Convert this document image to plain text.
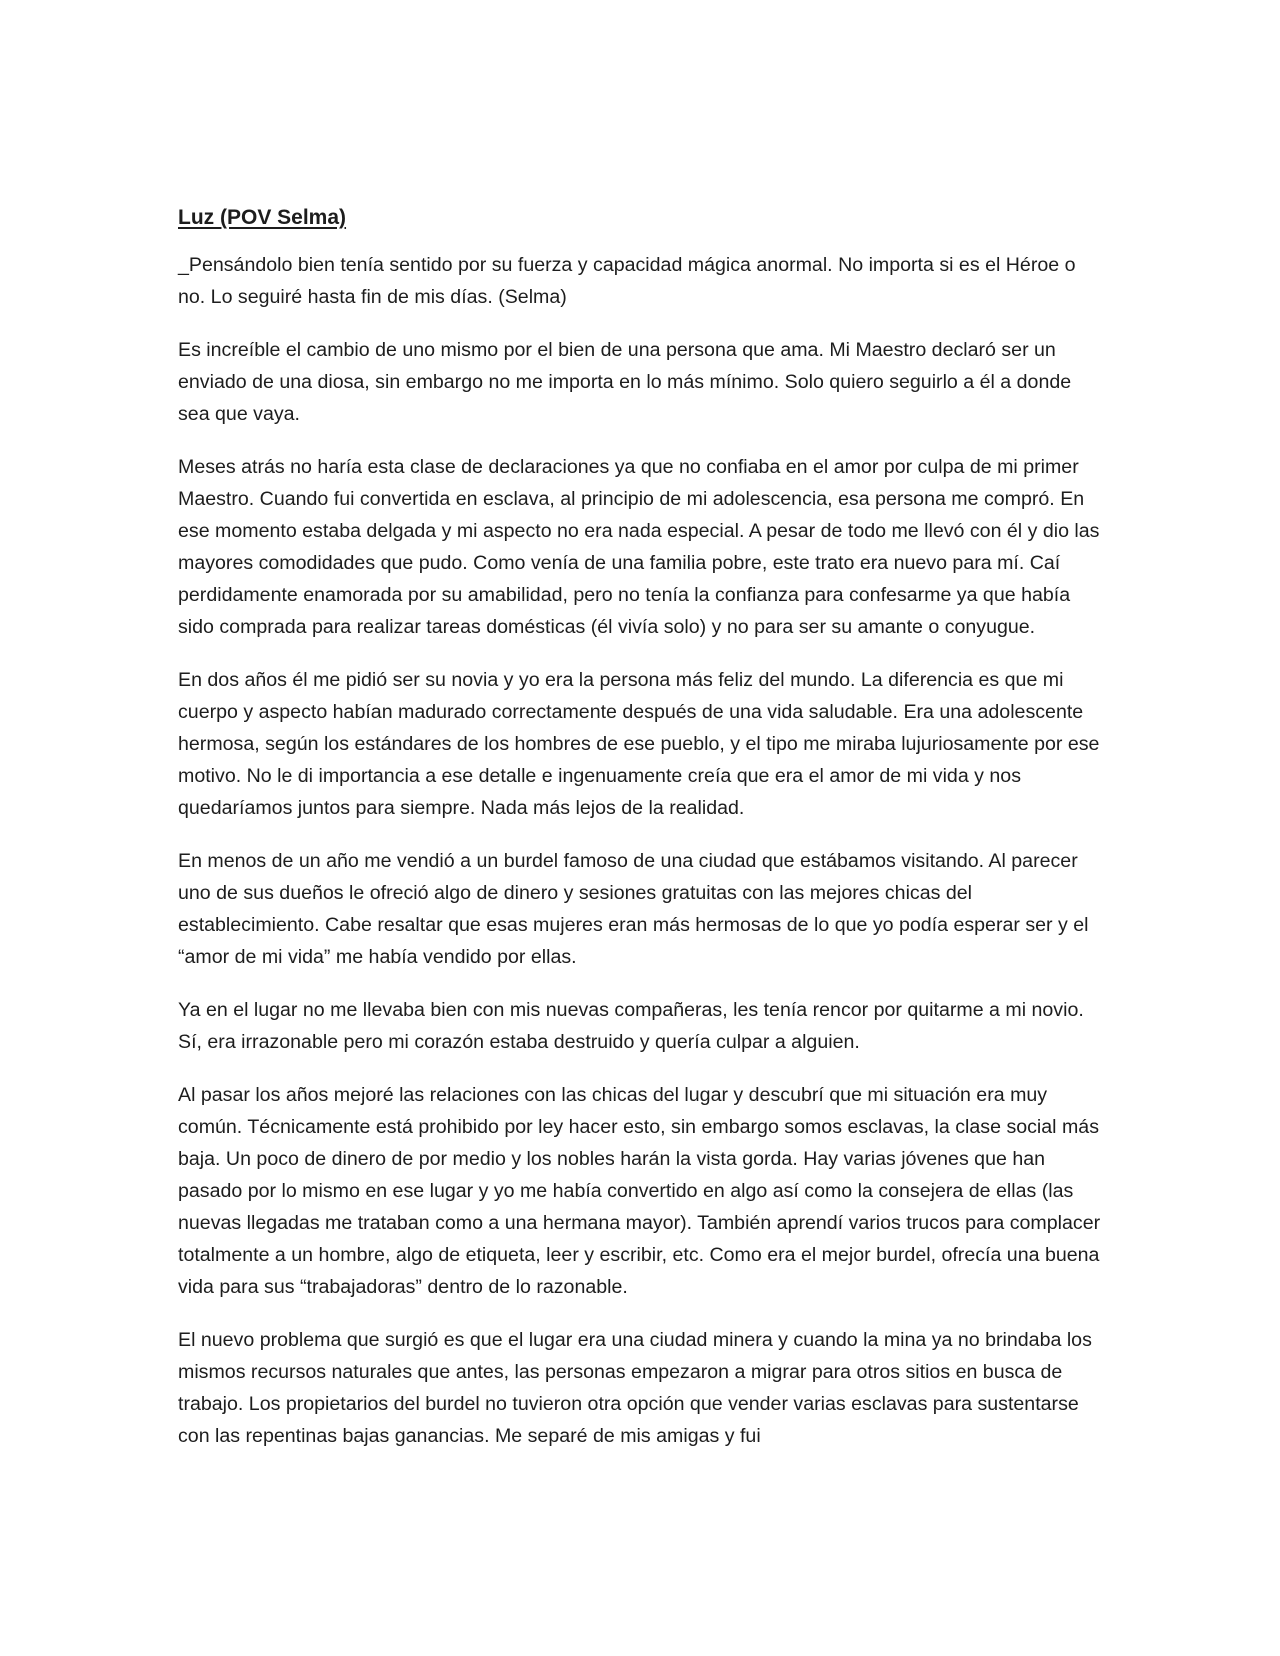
Luz (POV Selma)

_Pensándolo bien tenía sentido por su fuerza y capacidad mágica anormal. No importa si es el Héroe o no. Lo seguiré hasta fin de mis días. (Selma)

Es increíble el cambio de uno mismo por el bien de una persona que ama. Mi Maestro declaró ser un enviado de una diosa, sin embargo no me importa en lo más mínimo. Solo quiero seguirlo a él a donde sea que vaya.

Meses atrás no haría esta clase de declaraciones ya que no confiaba en el amor por culpa de mi primer Maestro. Cuando fui convertida en esclava, al principio de mi adolescencia, esa persona me compró. En ese momento estaba delgada y mi aspecto no era nada especial. A pesar de todo me llevó con él y dio las mayores comodidades que pudo. Como venía de una familia pobre, este trato era nuevo para mí. Caí perdidamente enamorada por su amabilidad, pero no tenía la confianza para confesarme ya que había sido comprada para realizar tareas domésticas (él vivía solo) y no para ser su amante o conyugue.

En dos años él me pidió ser su novia y yo era la persona más feliz del mundo. La diferencia es que mi cuerpo y aspecto habían madurado correctamente después de una vida saludable. Era una adolescente hermosa, según los estándares de los hombres de ese pueblo, y el tipo me miraba lujuriosamente por ese motivo. No le di importancia a ese detalle e ingenuamente creía que era el amor de mi vida y nos quedaríamos juntos para siempre. Nada más lejos de la realidad.

En menos de un año me vendió a un burdel famoso de una ciudad que estábamos visitando. Al parecer uno de sus dueños le ofreció algo de dinero y sesiones gratuitas con las mejores chicas del establecimiento. Cabe resaltar que esas mujeres eran más hermosas de lo que yo podía esperar ser y el “amor de mi vida” me había vendido por ellas.

Ya en el lugar no me llevaba bien con mis nuevas compañeras, les tenía rencor por quitarme a mi novio. Sí, era irrazonable pero mi corazón estaba destruido y quería culpar a alguien.

Al pasar los años mejoré las relaciones con las chicas del lugar y descubrí que mi situación era muy común. Técnicamente está prohibido por ley hacer esto, sin embargo somos esclavas, la clase social más baja. Un poco de dinero de por medio y los nobles harán la vista gorda. Hay varias jóvenes que han pasado por lo mismo en ese lugar y yo me había convertido en algo así como la consejera de ellas (las nuevas llegadas me trataban como a una hermana mayor). También aprendí varios trucos para complacer totalmente a un hombre, algo de etiqueta, leer y escribir, etc. Como era el mejor burdel, ofrecía una buena vida para sus “trabajadoras” dentro de lo razonable.

El nuevo problema que surgió es que el lugar era una ciudad minera y cuando la mina ya no brindaba los mismos recursos naturales que antes, las personas empezaron a migrar para otros sitios en busca de trabajo. Los propietarios del burdel no tuvieron otra opción que vender varias esclavas para sustentarse con las repentinas bajas ganancias. Me separé de mis amigas y fui
